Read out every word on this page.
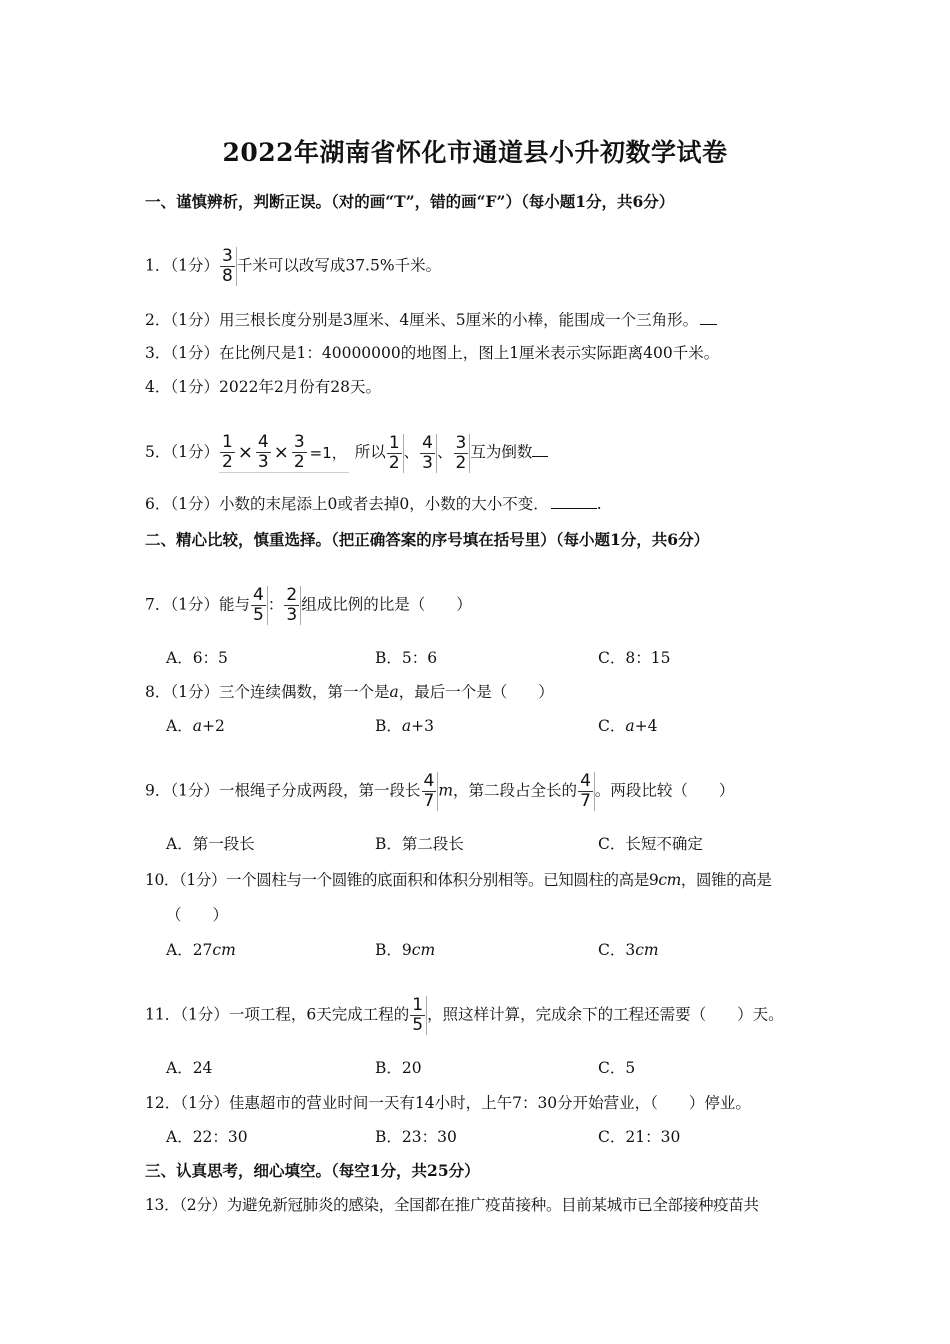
2022年湖南省怀化市通道县小升初数学试卷
一、谨慎辨析，判断正误。（对的画“T”，错的画“F”）（每小题1分，共6分）
1．（1分） $\frac{3}{8}$ 千米可以改写成37.5%千米。
2．（1分）用三根长度分别是3厘米、4厘米、5厘米的小棒，能围成一个三角形。
3．（1分）在比例尺是1：40000000的地图上，图上1厘米表示实际距离400千米。
4．（1分）2022年2月份有28天。
5．（1分） $\frac{1}{2} \times \frac{4}{3} \times \frac{3}{2} =1$， 所以 $\frac{1}{2}$ 、 $\frac{4}{3}$ 、 $\frac{3}{2}$ 互为倒数
6．（1分）小数的末尾添上0或者去掉0，小数的大小不变．	.
二、精心比较，慎重选择。（把正确答案的序号填在括号里）（每小题1分，共6分）
7．（1分）能与 $\frac{4}{5}$ ： $\frac{2}{3}$ 组成比例的比是（　　）
A．6：5	B．5：6	C．8：15
8．（1分）三个连续偶数，第一个是a，最后一个是（　　）
A．a+2	B．a+3	C．a+4
9．（1分）一根绳子分成两段，第一段长 $\frac{4}{7}$ m，第二段占全长的 $\frac{4}{7}$ 。两段比较（　　）
A．第一段长	B．第二段长	C．长短不确定
10．（1分）一个圆柱与一个圆锥的底面积和体积分别相等。已知圆柱的高是9cm，圆锥的高是
（　　）
A．27cm	B．9cm	C．3cm
11．（1分）一项工程，6天完成工程的 $\frac{1}{5}$ ，照这样计算，完成余下的工程还需要（　　）天。
A．24	B．20	C．5
12．（1分）佳惠超市的营业时间一天有14小时，上午7：30分开始营业，（　　）停业。
A．22：30	B．23：30	C．21：30
三、认真思考，细心填空。（每空1分，共25分）
13．（2分）为避免新冠肺炎的感染，全国都在推广疫苗接种。目前某城市已全部接种疫苗共
